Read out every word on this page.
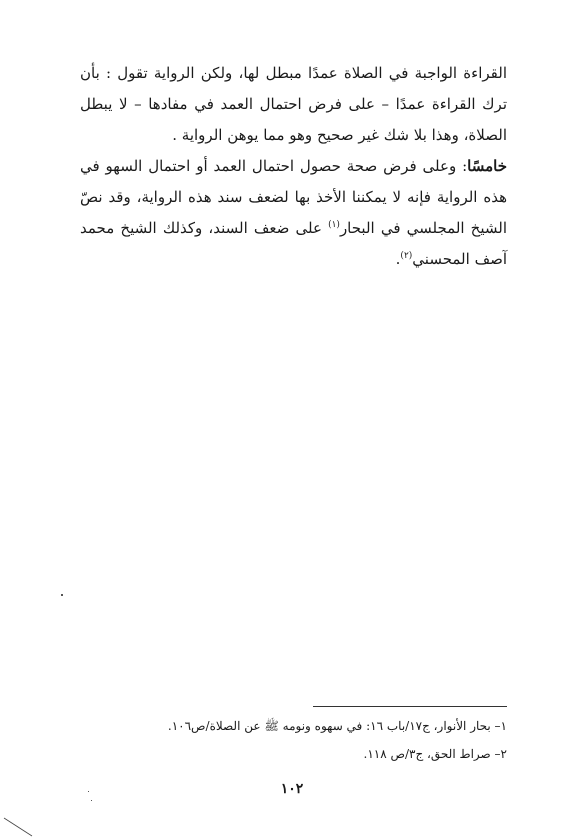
القراءة الواجبة في الصلاة عمدًا مبطل لها، ولكن الرواية تقول : بأن ترك القراءة عمدًا – على فرض احتمال العمد في مفادها – لا يبطل الصلاة، وهذا بلا شك غير صحيح وهو مما يوهن الرواية .

خامسًا: وعلى فرض صحة حصول احتمال العمد أو احتمال السهو في هذه الرواية فإنه لا يمكننا الأخذ بها لضعف سند هذه الرواية، وقد نصّ الشيخ المجلسي في البحار$^{(١)}$ على ضعف السند، وكذلك الشيخ محمد آصف المحسني$^{(٢)}$.

١– بحار الأنوار، ج١٧/باب ١٦: في سهوه ونومه ﷺ عن الصلاة/ص١٠٦.

٢– صراط الحق، ج٣/ص ١١٨.

١٠٢
